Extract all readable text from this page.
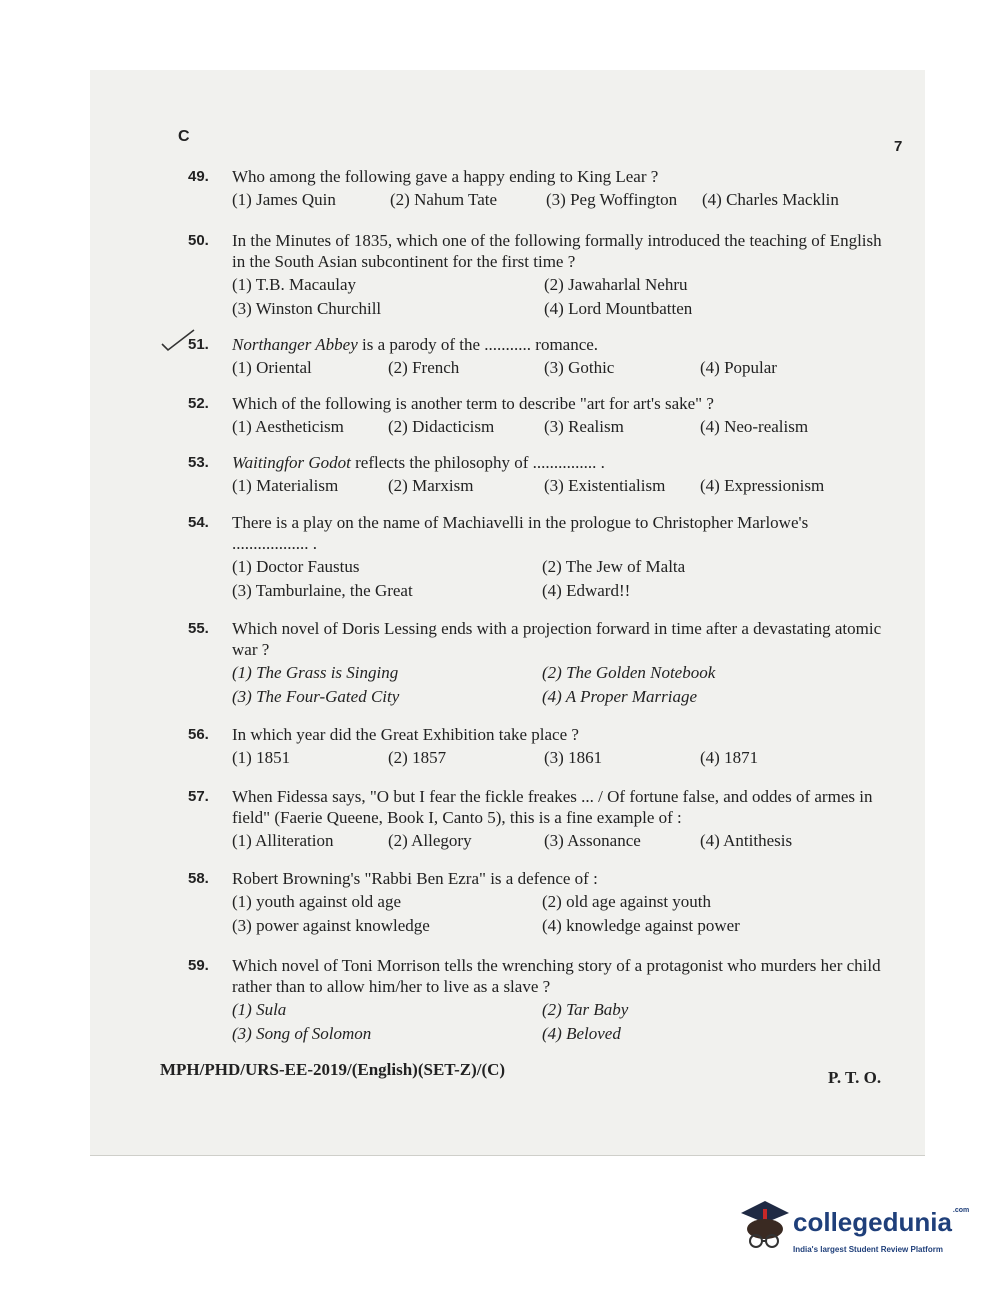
C
7
49. Who among the following gave a happy ending to King Lear ?
(1) James Quin	(2) Nahum Tate	(3) Peg Woffington (4) Charles Macklin
50. In the Minutes of 1835, which one of the following formally introduced the teaching of English in the South Asian subcontinent for the first time ?
(1) T.B. Macaulay	(2) Jawaharlal Nehru
(3) Winston Churchill	(4) Lord Mountbatten
51. Northanger Abbey is a parody of the ........... romance.
(1) Oriental	(2) French	(3) Gothic	(4) Popular
52. Which of the following is another term to describe "art for art's sake" ?
(1) Aestheticism	(2) Didacticism	(3) Realism	(4) Neo-realism
53. Waitingfor Godot reflects the philosophy of ............... .
(1) Materialism	(2) Marxism	(3) Existentialism (4) Expressionism
54. There is a play on the name of Machiavelli in the prologue to Christopher Marlowe's .................. .
(1) Doctor Faustus	(2) The Jew of Malta
(3) Tamburlaine, the Great	(4) Edward!!
55. Which novel of Doris Lessing ends with a projection forward in time after a devastating atomic war ?
(1) The Grass is Singing	(2) The Golden Notebook
(3) The Four-Gated City	(4) A Proper Marriage
56. In which year did the Great Exhibition take place ?
(1) 1851	(2) 1857	(3) 1861	(4) 1871
57. When Fidessa says, "O but I fear the fickle freakes ... / Of fortune false, and oddes of armes in field" (Faerie Queene, Book I, Canto 5), this is a fine example of :
(1) Alliteration	(2) Allegory	(3) Assonance	(4) Antithesis
58. Robert Browning's "Rabbi Ben Ezra" is a defence of :
(1) youth against old age	(2) old age against youth
(3) power against knowledge	(4) knowledge against power
59. Which novel of Toni Morrison tells the wrenching story of a protagonist who murders her child rather than to allow him/her to live as a slave ?
(1) Sula	(2) Tar Baby
(3) Song of Solomon	(4) Beloved
MPH/PHD/URS-EE-2019/(English)(SET-Z)/(C)	P. T. O.
collegedunia$^{.com}$
India's largest Student Review Platform
